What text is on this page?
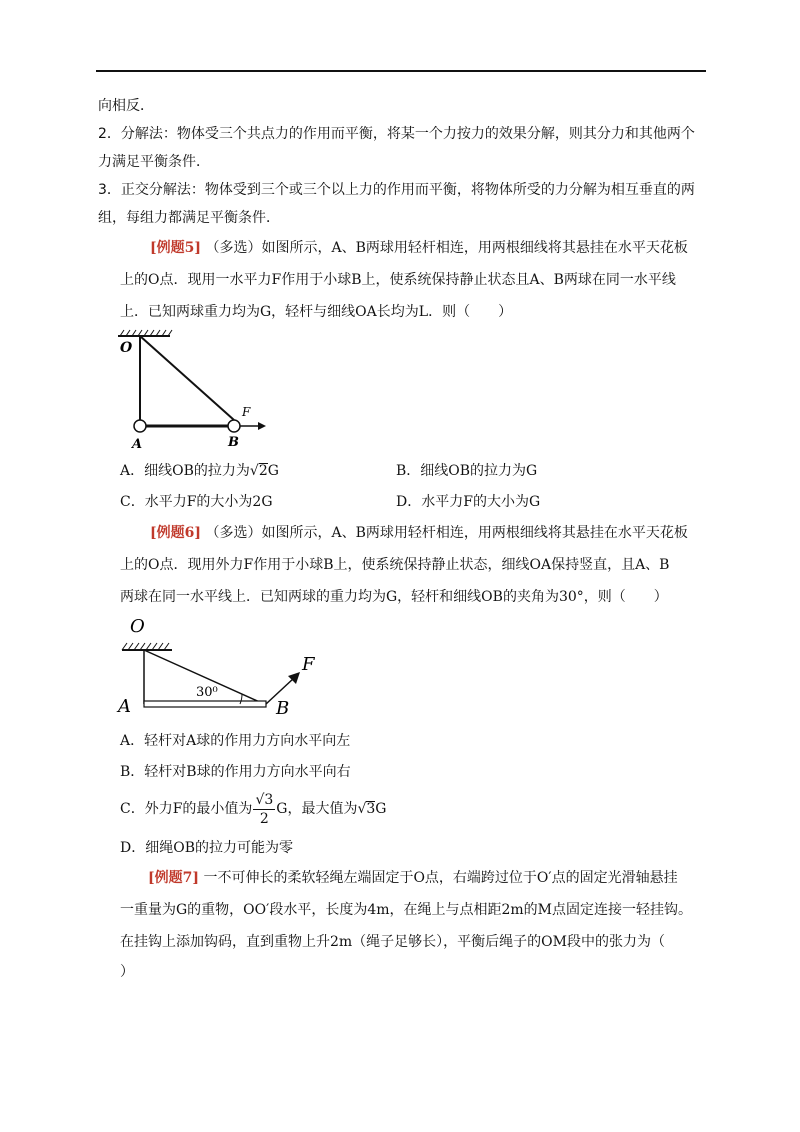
向相反．
2．分解法：物体受三个共点力的作用而平衡，将某一个力按力的效果分解，则其分力和其他两个
力满足平衡条件．
3．正交分解法：物体受到三个或三个以上力的作用而平衡，将物体所受的力分解为相互垂直的两
组，每组力都满足平衡条件．
[例题5] （多选）如图所示，A、B两球用轻杆相连，用两根细线将其悬挂在水平天花板
上的O点．现用一水平力F作用于小球B上，使系统保持静止状态且A、B两球在同一水平线
上．已知两球重力均为G，轻杆与细线OA长均为L．则（　　）
O
A	B
F
A．细线OB的拉力为√2G	B．细线OB的拉力为G
C．水平力F的大小为2G	D．水平力F的大小为G
[例题6] （多选）如图所示，A、B两球用轻杆相连，用两根细线将其悬挂在水平天花板
上的O点．现用外力F作用于小球B上，使系统保持静止状态，细线OA保持竖直，且A、B
两球在同一水平线上．已知两球的重力均为G，轻杆和细线OB的夹角为30°，则（　　）
O
30⁰
F
A	B
A．轻杆对A球的作用力方向水平向左
B．轻杆对B球的作用力方向水平向右
C．外力F的最小值为 $\frac{√3}{2}$ G，最大值为√3G
D．细绳OB的拉力可能为零
[例题7] 一不可伸长的柔软轻绳左端固定于O点，右端跨过位于O′点的固定光滑轴悬挂
一重量为G的重物，OO′段水平，长度为4m，在绳上与点相距2m的M点固定连接一轻挂钩。
在挂钩上添加钩码，直到重物上升2m（绳子足够长），平衡后绳子的OM段中的张力为（
）
